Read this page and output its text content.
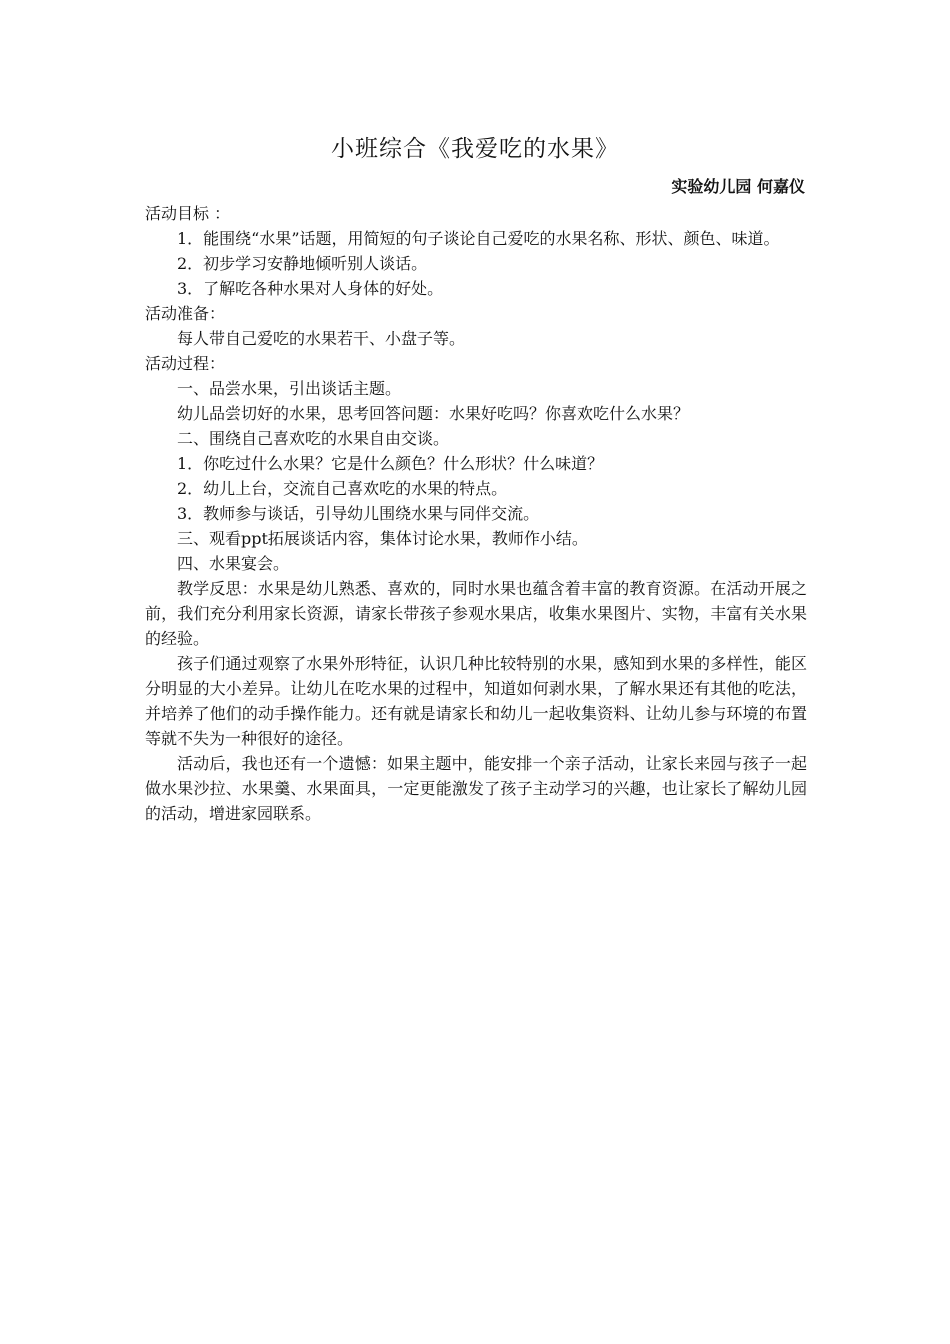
小班综合《我爱吃的水果》
实验幼儿园 何嘉仪

活动目标 ：

1．能围绕“水果”话题，用简短的句子谈论自己爱吃的水果名称、形状、颜色、味道。

2．初步学习安静地倾听别人谈话。

3．了解吃各种水果对人身体的好处。

活动准备：

每人带自己爱吃的水果若干、小盘子等。

活动过程：

一、品尝水果，引出谈话主题。

幼儿品尝切好的水果，思考回答问题：水果好吃吗？你喜欢吃什么水果？

二、围绕自己喜欢吃的水果自由交谈。

1．你吃过什么水果？它是什么颜色？什么形状？什么味道？

2．幼儿上台，交流自己喜欢吃的水果的特点。

3．教师参与谈话，引导幼儿围绕水果与同伴交流。

三、观看ppt拓展谈话内容，集体讨论水果，教师作小结。

四、水果宴会。

教学反思：水果是幼儿熟悉、喜欢的，同时水果也蕴含着丰富的教育资源。在活动开展之前，我们充分利用家长资源，请家长带孩子参观水果店，收集水果图片、实物，丰富有关水果的经验。

孩子们通过观察了水果外形特征，认识几种比较特别的水果，感知到水果的多样性，能区分明显的大小差异。让幼儿在吃水果的过程中，知道如何剥水果，了解水果还有其他的吃法，并培养了他们的动手操作能力。还有就是请家长和幼儿一起收集资料、让幼儿参与环境的布置等就不失为一种很好的途径。

活动后，我也还有一个遗憾：如果主题中，能安排一个亲子活动，让家长来园与孩子一起做水果沙拉、水果羹、水果面具，一定更能激发了孩子主动学习的兴趣，也让家长了解幼儿园的活动，增进家园联系。
